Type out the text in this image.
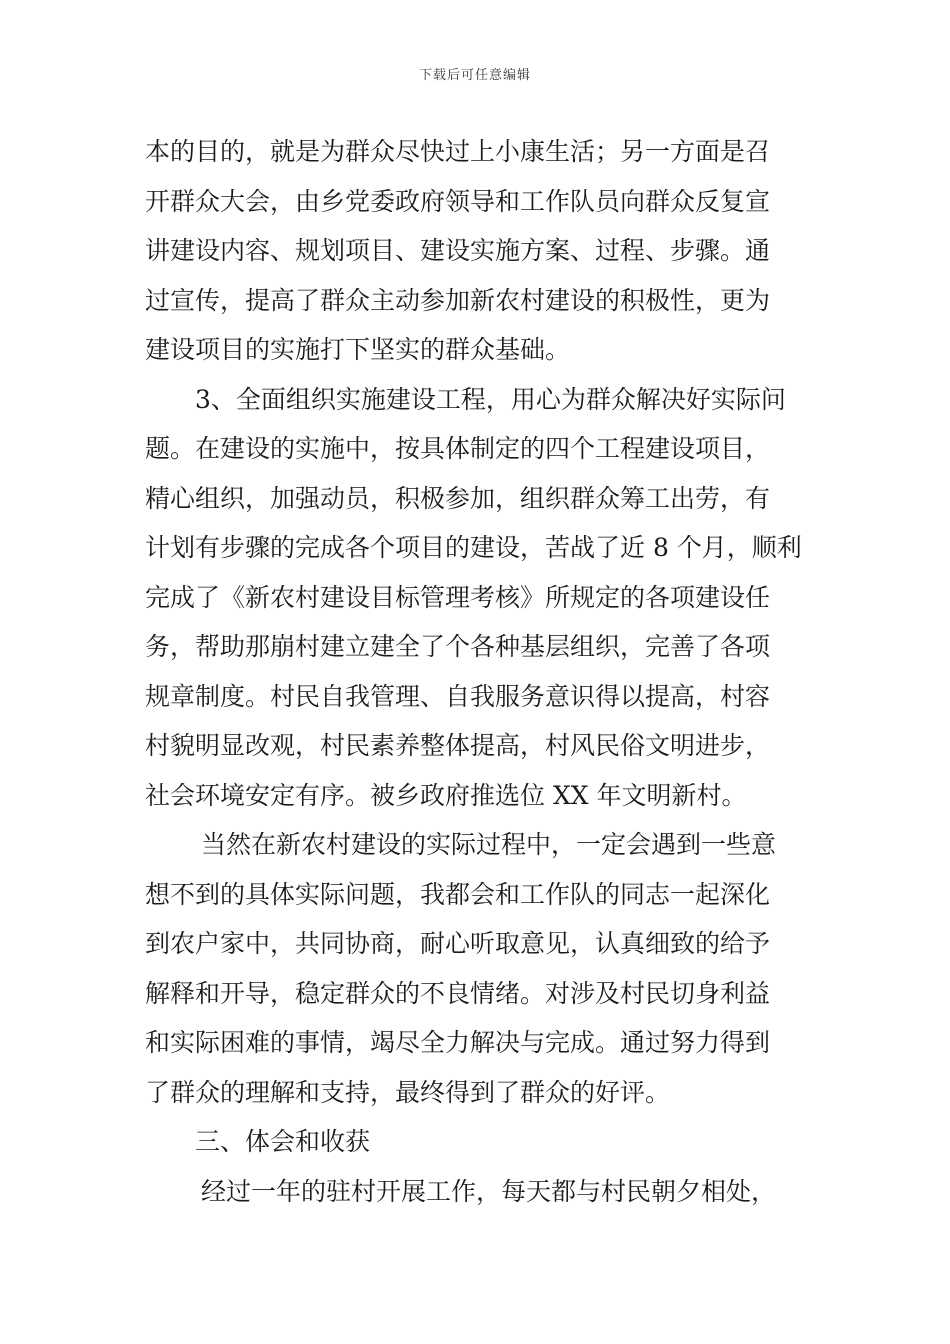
下载后可任意编辑
本的目的，就是为群众尽快过上小康生活；另一方面是召
开群众大会，由乡党委政府领导和工作队员向群众反复宣
讲建设内容、规划项目、建设实施方案、过程、步骤。通
过宣传，提高了群众主动参加新农村建设的积极性，更为
建设项目的实施打下坚实的群众基础。
3、全面组织实施建设工程，用心为群众解决好实际问
题。在建设的实施中，按具体制定的四个工程建设项目，
精心组织，加强动员，积极参加，组织群众筹工出劳，有
计划有步骤的完成各个项目的建设，苦战了近 8 个月，顺利
完成了《新农村建设目标管理考核》所规定的各项建设任
务，帮助那崩村建立建全了个各种基层组织，完善了各项
规章制度。村民自我管理、自我服务意识得以提高，村容
村貌明显改观，村民素养整体提高，村风民俗文明进步，
社会环境安定有序。被乡政府推选位 XX 年文明新村。
当然在新农村建设的实际过程中，一定会遇到一些意
想不到的具体实际问题，我都会和工作队的同志一起深化
到农户家中，共同协商，耐心听取意见，认真细致的给予
解释和开导，稳定群众的不良情绪。对涉及村民切身利益
和实际困难的事情，竭尽全力解决与完成。通过努力得到
了群众的理解和支持，最终得到了群众的好评。
三、体会和收获
经过一年的驻村开展工作，每天都与村民朝夕相处，
